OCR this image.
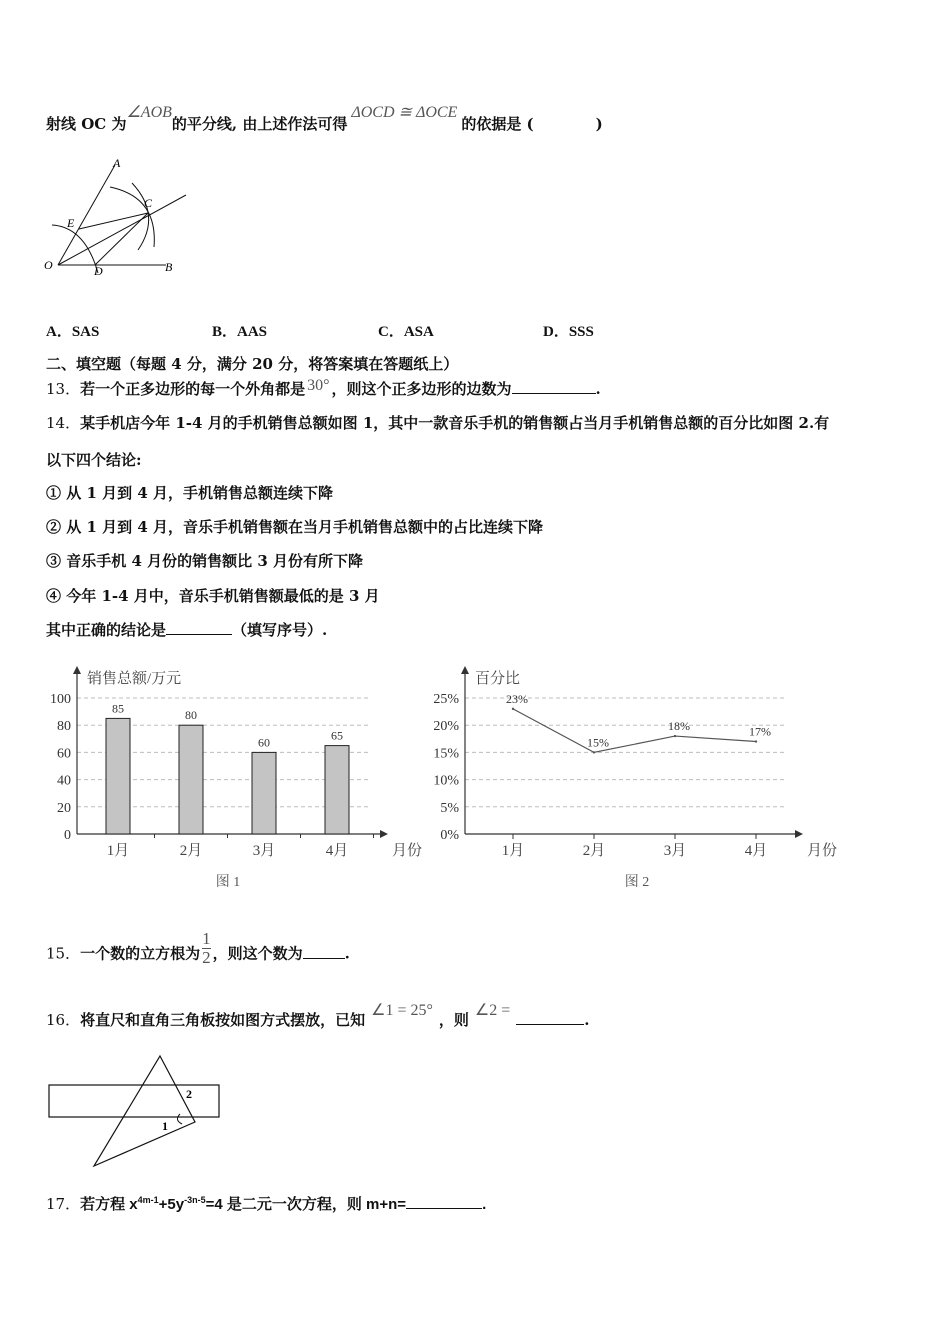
射线 OC 为∠AOB的平分线, 由上述作法可得ΔOCD ≅ ΔOCE的依据是 (	)
A
C
E
O	D	B
A．SAS	B．AAS	C．ASA	D．SSS
二、填空题（每题 4 分，满分 20 分，将答案填在答题纸上）
13．若一个正多边形的每一个外角都是 30° ，则这个正多边形的边数为	.
14．某手机店今年 1-4 月的手机销售总额如图 1，其中一款音乐手机的销售额占当月手机销售总额的百分比如图 2.有
以下四个结论:
① 从 1 月到 4 月，手机销售总额连续下降
② 从 1 月到 4 月，音乐手机销售额在当月手机销售总额中的占比连续下降
③ 音乐手机 4 月份的销售额比 3 月份有所下降
④ 今年 1-4 月中，音乐手机销售额最低的是 3 月
其中正确的结论是	（填写序号）.
0
20
40
60
80
100
销售总额/万元
月份
1月
85
2月
80
3月
60
4月
65
图 1
0%
5%
10%
15%
20%
25%
百分比
月份
1月	2月	3月	4月
23%
15%
18%	17%
图 2
15．一个数的立方根为 $\frac{1}{2}$ ，则这个数为	.
16．将直尺和直角三角板按如图方式摆放，已知∠1 = 25°，则∠2 =.
2
1
17．若方程 $x^{4m-1}+5y^{-3n-5}=4$ 是二元一次方程，则 m+n=	.
